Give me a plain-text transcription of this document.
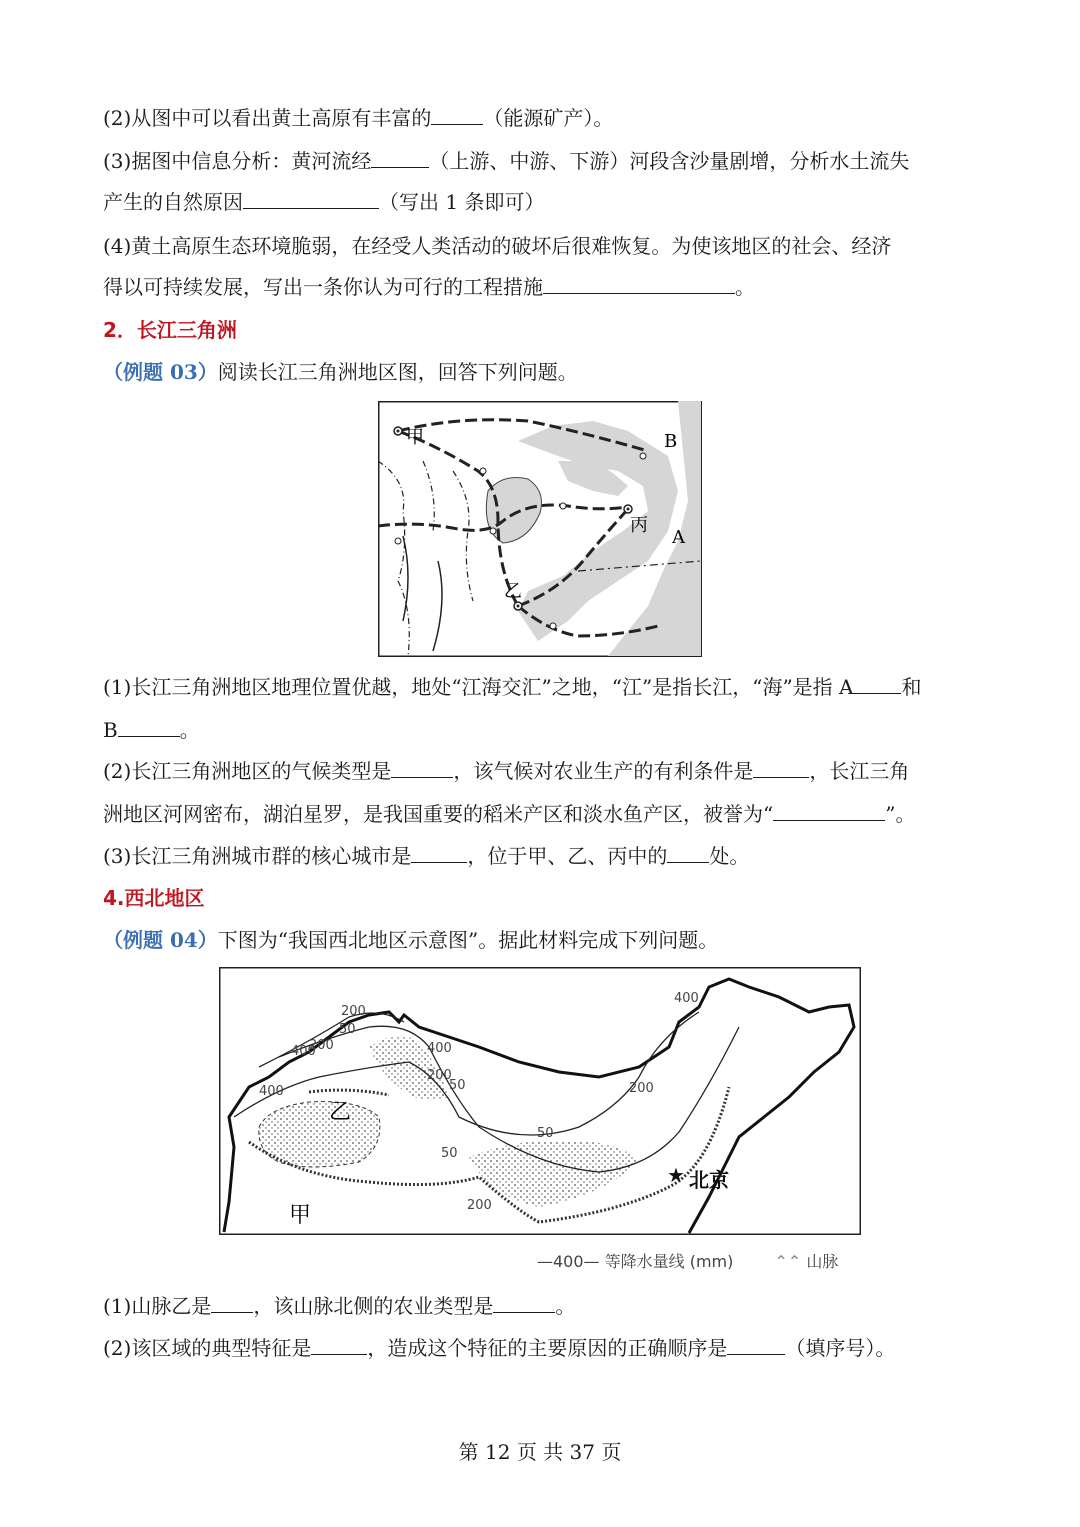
(2)从图中可以看出黄土高原有丰富的	（能源矿产）。
(3)据图中信息分析：黄河流经	（上游、中游、下游）河段含沙量剧增，分析水土流失
产生的自然原因	（写出 1 条即可）
(4)黄土高原生态环境脆弱，在经受人类活动的破坏后很难恢复。为使该地区的社会、经济
得以可持续发展，写出一条你认为可行的工程措施	。
2．长江三角洲
（例题 03）阅读长江三角洲地区图，回答下列问题。
甲
乙
丙
A
B
(1)长江三角洲地区地理位置优越，地处“江海交汇”之地，“江”是指长江，“海”是指 A 和
B	。
(2)长江三角洲地区的气候类型是	，该气候对农业生产的有利条件是	，长江三角
洲地区河网密布，湖泊星罗，是我国重要的稻米产区和淡水鱼产区，被誉为“	”。
(3)长江三角洲城市群的核心城市是	，位于甲、乙、丙中的 处。
4.西北地区
（例题 04）下图为“我国西北地区示意图”。据此材料完成下列问题。
★ 北京
乙
甲
400
200
50
200
400	400
200
50
50
50
200
400
200
—400— 等降水量线 (mm)	⌃⌃ 山脉
(1)山脉乙是 ，该山脉北侧的农业类型是	。
(2)该区域的典型特征是	，造成这个特征的主要原因的正确顺序是	（填序号）。
第 12 页 共 37 页
